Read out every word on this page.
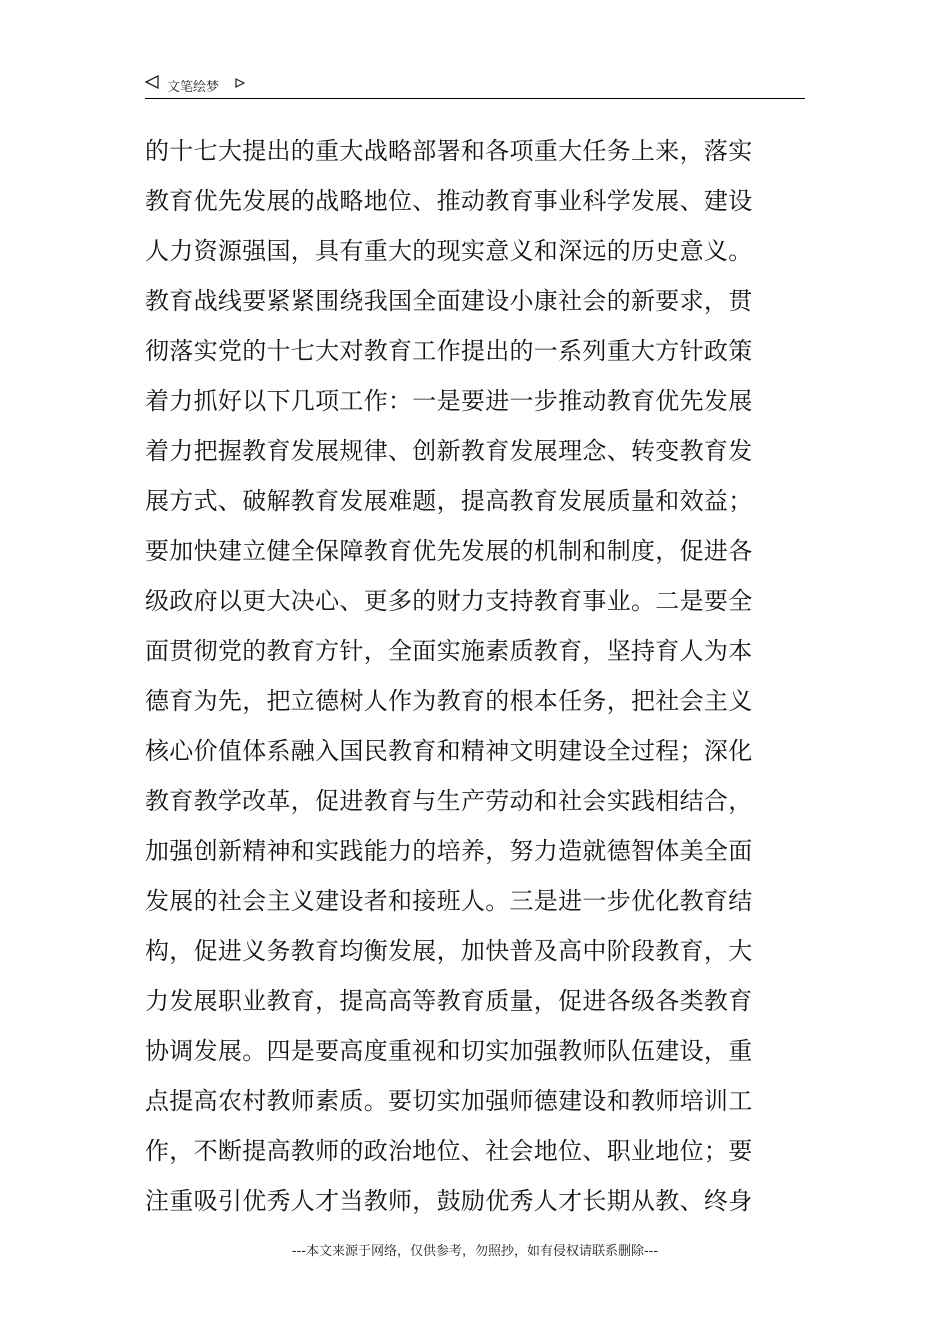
文笔绘梦
的十七大提出的重大战略部署和各项重大任务上来，落实
教育优先发展的战略地位、推动教育事业科学发展、建设
人力资源强国，具有重大的现实意义和深远的历史意义。
教育战线要紧紧围绕我国全面建设小康社会的新要求，贯
彻落实党的十七大对教育工作提出的一系列重大方针政策
着力抓好以下几项工作：一是要进一步推动教育优先发展
着力把握教育发展规律、创新教育发展理念、转变教育发
展方式、破解教育发展难题，提高教育发展质量和效益；
要加快建立健全保障教育优先发展的机制和制度，促进各
级政府以更大决心、更多的财力支持教育事业。二是要全
面贯彻党的教育方针，全面实施素质教育，坚持育人为本
德育为先，把立德树人作为教育的根本任务，把社会主义
核心价值体系融入国民教育和精神文明建设全过程；深化
教育教学改革，促进教育与生产劳动和社会实践相结合，
加强创新精神和实践能力的培养，努力造就德智体美全面
发展的社会主义建设者和接班人。三是进一步优化教育结
构，促进义务教育均衡发展，加快普及高中阶段教育，大
力发展职业教育，提高高等教育质量，促进各级各类教育
协调发展。四是要高度重视和切实加强教师队伍建设，重
点提高农村教师素质。要切实加强师德建设和教师培训工
作，不断提高教师的政治地位、社会地位、职业地位；要
注重吸引优秀人才当教师，鼓励优秀人才长期从教、终身
---本文来源于网络，仅供参考，勿照抄，如有侵权请联系删除---
